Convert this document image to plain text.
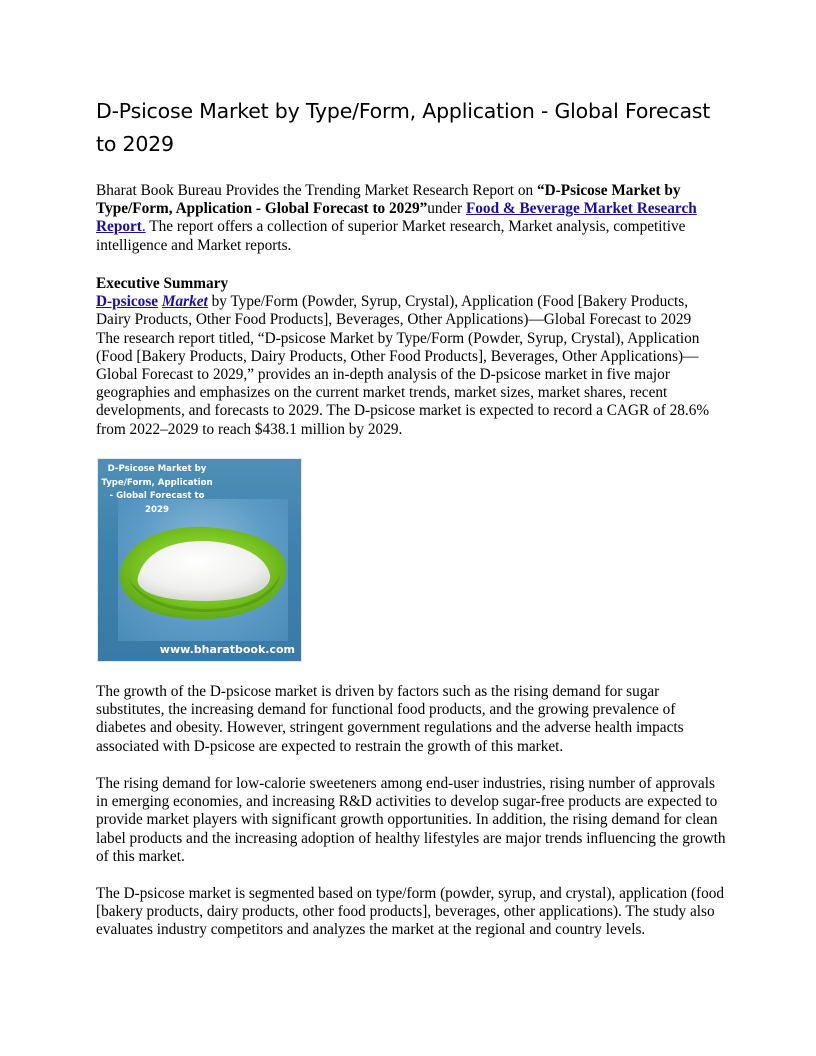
D-Psicose Market by Type/Form, Application - Global Forecast to 2029

Bharat Book Bureau Provides the Trending Market Research Report on “D-Psicose Market by Type/Form, Application - Global Forecast to 2029”under Food & Beverage Market Research Report. The report offers a collection of superior Market research, Market analysis, competitive intelligence and Market reports.

Executive Summary
D-psicose Market by Type/Form (Powder, Syrup, Crystal), Application (Food [Bakery Products, Dairy Products, Other Food Products], Beverages, Other Applications)—Global Forecast to 2029
The research report titled, “D-psicose Market by Type/Form (Powder, Syrup, Crystal), Application (Food [Bakery Products, Dairy Products, Other Food Products], Beverages, Other Applications)—Global Forecast to 2029,” provides an in-depth analysis of the D-psicose market in five major geographies and emphasizes on the current market trends, market sizes, market shares, recent developments, and forecasts to 2029. The D-psicose market is expected to record a CAGR of 28.6% from 2022–2029 to reach $438.1 million by 2029.

The growth of the D-psicose market is driven by factors such as the rising demand for sugar substitutes, the increasing demand for functional food products, and the growing prevalence of diabetes and obesity. However, stringent government regulations and the adverse health impacts associated with D-psicose are expected to restrain the growth of this market.

The rising demand for low-calorie sweeteners among end-user industries, rising number of approvals in emerging economies, and increasing R&D activities to develop sugar-free products are expected to provide market players with significant growth opportunities. In addition, the rising demand for clean label products and the increasing adoption of healthy lifestyles are major trends influencing the growth of this market.

The D-psicose market is segmented based on type/form (powder, syrup, and crystal), application (food [bakery products, dairy products, other food products], beverages, other applications). The study also evaluates industry competitors and analyzes the market at the regional and country levels.

D-Psicose Market by
Type/Form, Application
- Global Forecast to
2029
www.bharatbook.com
